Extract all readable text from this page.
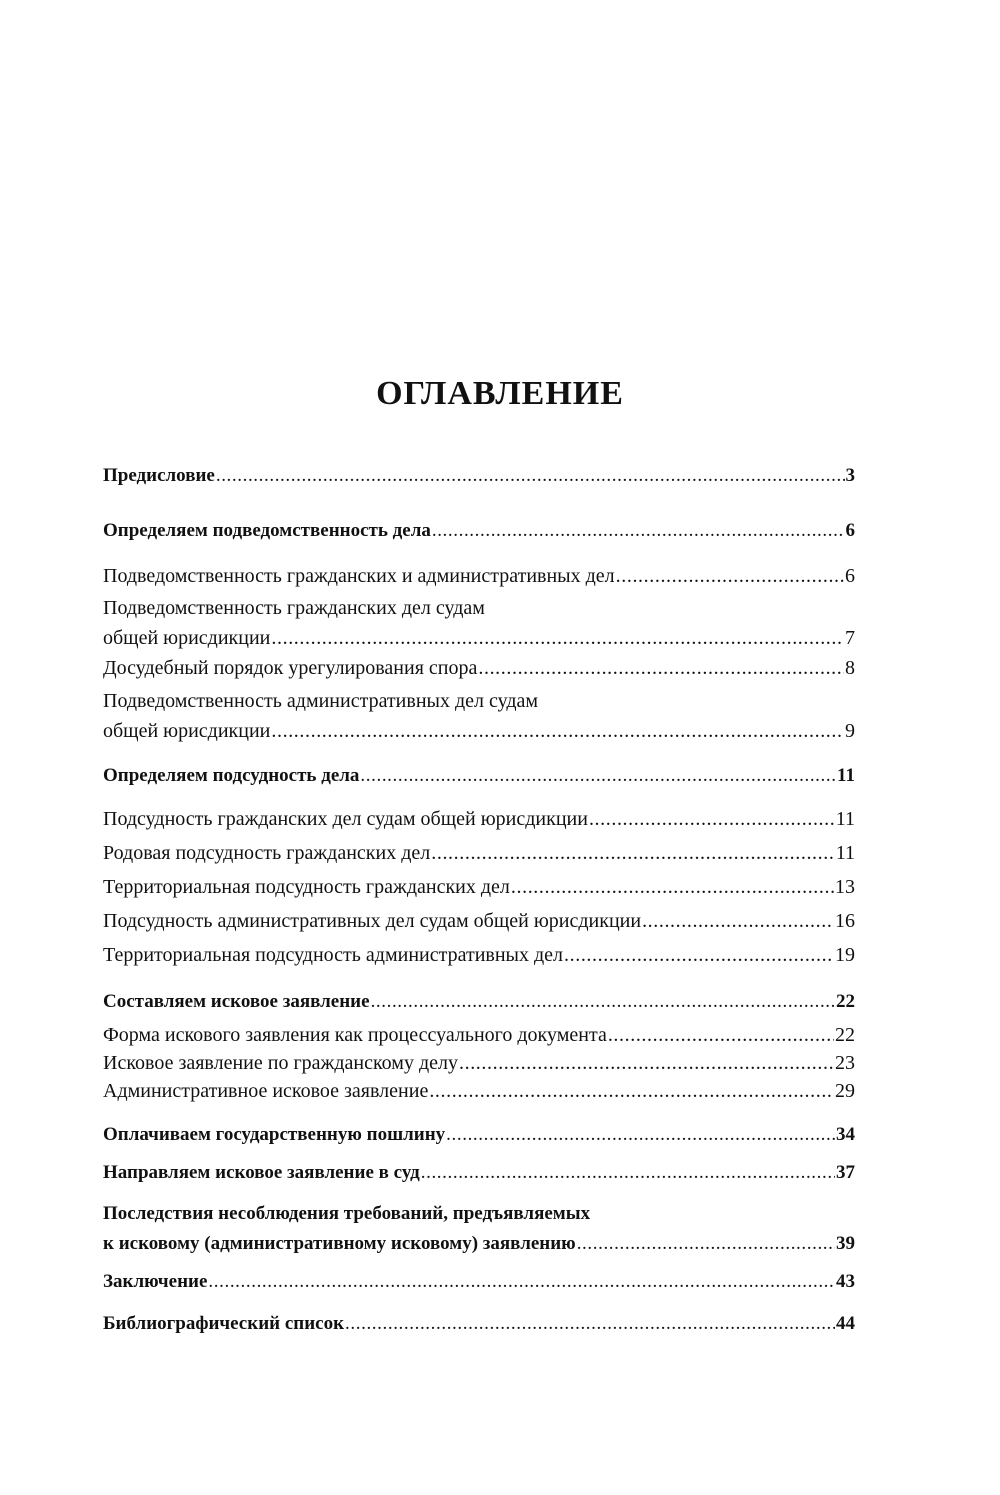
ОГЛАВЛЕНИЕ
Предисловие .....	3
Определяем подведомственность дела .....	6
Подведомственность гражданских и административных дел .....	6
Подведомственность гражданских дел судам
общей юрисдикции .....	7
Досудебный порядок урегулирования спора .....	8
Подведомственность административных дел судам
общей юрисдикции .....	9
Определяем подсудность дела .....	11
Подсудность гражданских дел судам общей юрисдикции .....	11
Родовая подсудность гражданских дел .....	11
Территориальная подсудность гражданских дел .....	13
Подсудность административных дел судам общей юрисдикции .....	16
Территориальная подсудность административных дел .....	19
Составляем исковое заявление .....	22
Форма искового заявления как процессуального документа .....	22
Исковое заявление по гражданскому делу .....	23
Административное исковое заявление .....	29
Оплачиваем государственную пошлину .....	34
Направляем исковое заявление в суд .....	37
Последствия несоблюдения требований, предъявляемых
к исковому (административному исковому) заявлению .....	39
Заключение .....	43
Библиографический список .....	44
